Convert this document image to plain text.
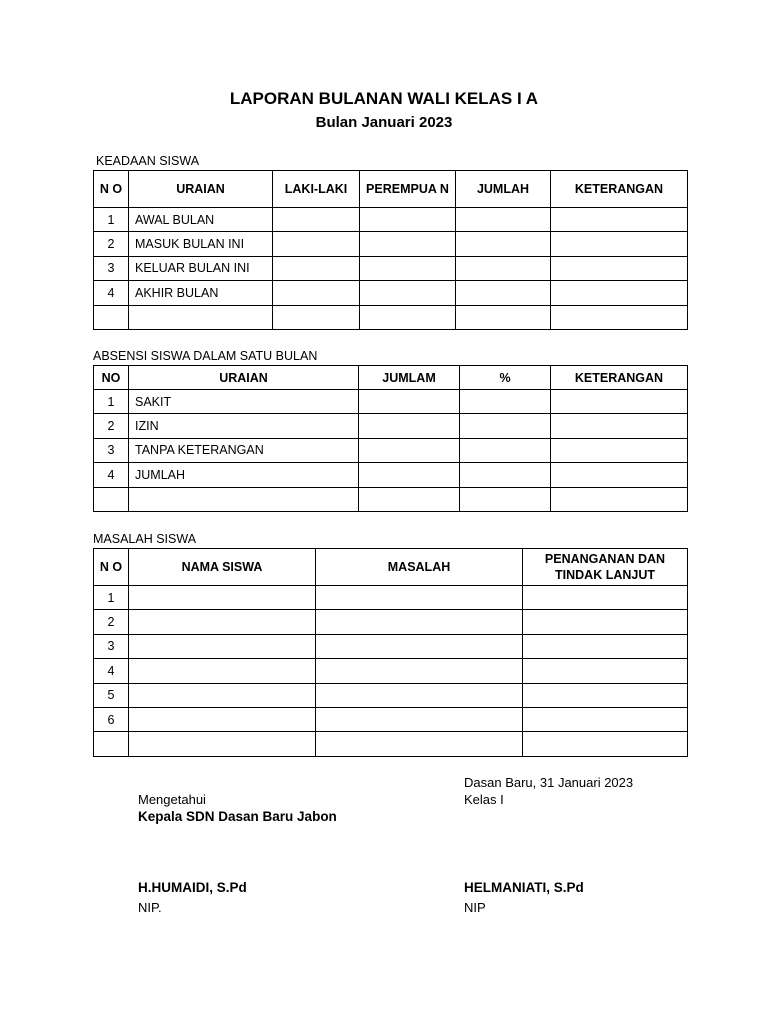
LAPORAN BULANAN WALI KELAS I A
Bulan Januari 2023
KEADAAN SISWA
N O	URAIAN	LAKI-LAKI	PEREMPUA N	JUMLAH	KETERANGAN
1	AWAL BULAN				
2	MASUK BULAN INI				
3	KELUAR BULAN INI				
4	AKHIR BULAN				

ABSENSI SISWA DALAM SATU BULAN
NO	URAIAN	JUMLAM	%	KETERANGAN
1	SAKIT			
2	IZIN			
3	TANPA KETERANGAN			
4	JUMLAH			

MASALAH SISWA
N O	NAMA SISWA	MASALAH	PENANGANAN DAN TINDAK LANJUT
1			
2			
3			
4			
5			
6			

Dasan Baru, 31 Januari 2023
Kelas I
Mengetahui
Kepala SDN Dasan Baru Jabon
H.HUMAIDI, S.Pd	HELMANIATI, S.Pd
NIP.	NIP
